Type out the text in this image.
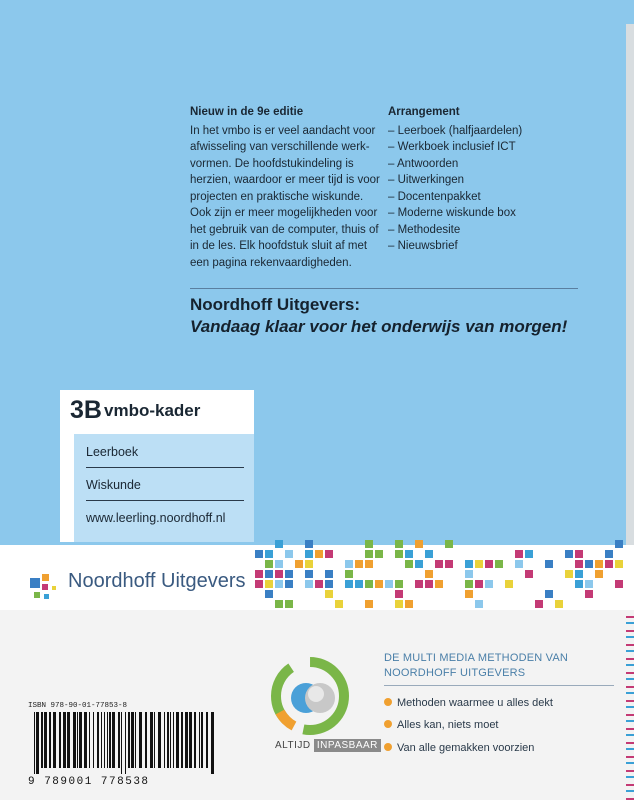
Nieuw in de 9e editie

In het vmbo is er veel aandacht voor afwisseling van verschillende werk-vormen. De hoofdstukindeling is herzien, waardoor er meer tijd is voor projecten en praktische wiskunde. Ook zijn er meer mogelijkheden voor het gebruik van de computer, thuis of in de les. Elk hoofdstuk sluit af met een pagina rekenvaardigheden.

Arrangement
– Leerboek (halfjaardelen)
– Werkboek inclusief ICT
– Antwoorden
– Uitwerkingen
– Docentenpakket
– Moderne wiskunde box
– Methodesite
– Nieuwsbrief
Noordhoff Uitgevers:
Vandaag klaar voor het onderwijs van morgen!
3B vmbo-kader
Leerboek
Wiskunde
www.leerling.noordhoff.nl
Noordhoff Uitgevers
ALTIJD INPASBAAR
DE MULTI MEDIA METHODEN VAN NOORDHOFF UITGEVERS
Methoden waarmee u alles dekt
Alles kan, niets moet
Van alle gemakken voorzien
ISBN 978-90-01-77853-8
9 789001 778538
